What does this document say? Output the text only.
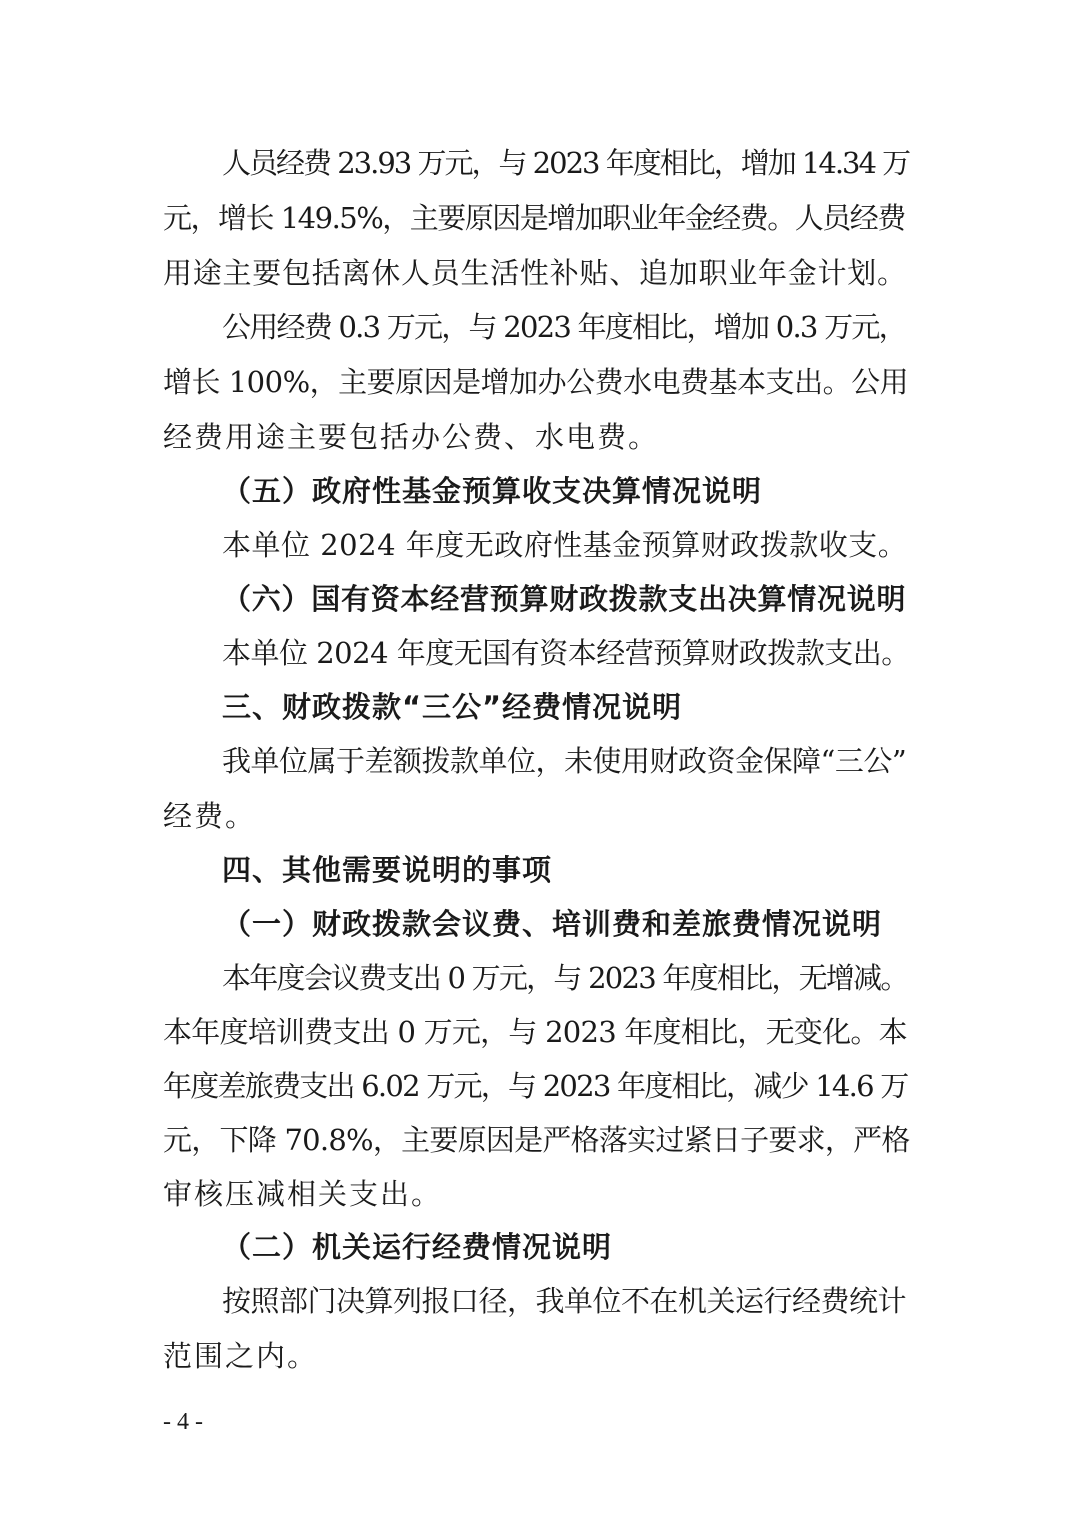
人员经费 23.93 万元，与 2023 年度相比，增加 14.34 万
元，增长 149.5%，主要原因是增加职业年金经费。人员经费
用途主要包括离休人员生活性补贴、追加职业年金计划。
公用经费 0.3 万元，与 2023 年度相比，增加 0.3 万元，
增长 100%，主要原因是增加办公费水电费基本支出。公用
经费用途主要包括办公费、水电费。
（五）政府性基金预算收支决算情况说明
本单位 2024 年度无政府性基金预算财政拨款收支。
（六）国有资本经营预算财政拨款支出决算情况说明
本单位 2024 年度无国有资本经营预算财政拨款支出。
三、财政拨款“三公”经费情况说明
我单位属于差额拨款单位，未使用财政资金保障“三公”
经费。
四、其他需要说明的事项
（一）财政拨款会议费、培训费和差旅费情况说明
本年度会议费支出 0 万元，与 2023 年度相比，无增减。
本年度培训费支出 0 万元，与 2023 年度相比，无变化。本
年度差旅费支出 6.02 万元，与 2023 年度相比，减少 14.6 万
元，下降 70.8%，主要原因是严格落实过紧日子要求，严格
审核压减相关支出。
（二）机关运行经费情况说明
按照部门决算列报口径，我单位不在机关运行经费统计
范围之内。
- 4 -
